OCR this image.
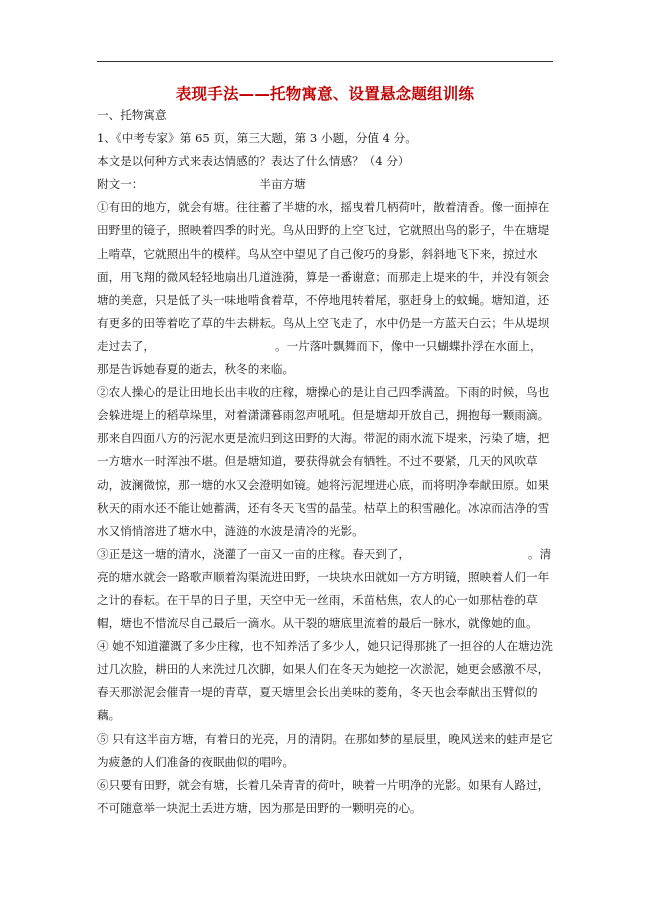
表现手法——托物寓意、设置悬念题组训练

一、托物寓意

1、《中考专家》第 65 页，第三大题，第 3 小题，分值 4 分。

本文是以何种方式来表达情感的？表达了什么情感？（4 分）

附文一：	半亩方塘

①有田的地方，就会有塘。往往蓄了半塘的水，摇曳着几柄荷叶，散着清香。像一面掉在田野里的镜子，照映着四季的时光。鸟从田野的上空飞过，它就照出鸟的影子，牛在塘堤上啃草，它就照出牛的模样。鸟从空中望见了自己俊巧的身影，斜斜地飞下来，掠过水面，用飞翔的微风轻轻地扇出几道涟漪，算是一番谢意；而那走上堤来的牛，并没有领会塘的美意，只是低了头一味地啃食着草，不停地甩转着尾，驱赶身上的蚊蝇。塘知道，还有更多的田等着吃了草的牛去耕耘。鸟从上空飞走了，水中仍是一方蓝天白云；牛从堤坝走过去了，	。一片落叶飘舞而下，像中一只蝴蝶扑浮在水面上，那是告诉她春夏的逝去，秋冬的来临。

②农人操心的是让田地长出丰收的庄稼，塘操心的是让自己四季满盈。下雨的时候，鸟也会躲进堤上的稻草垛里，对着潇潇暮雨忽声吼吼。但是塘却开放自己，拥抱每一颗雨滴。那来自四面八方的污泥水更是流归到这田野的大海。带泥的雨水流下堤来，污染了塘，把一方塘水一时浑浊不堪。但是塘知道，要获得就会有牺牲。不过不要紧，几天的风吹草动，波澜微惊，那一塘的水又会澄明如镜。她将污泥埋进心底，而将明净奉献田原。如果秋天的雨水还不能让她蓄满，还有冬天飞雪的晶莹。枯草上的积雪融化。冰凉而洁净的雪水又悄悄溶进了塘水中，涟涟的水波是清冷的光影。

③正是这一塘的清水，浇灌了一亩又一亩的庄稼。春天到了，	。清亮的塘水就会一路歌声顺着沟渠流进田野，一块块水田就如一方方明镜，照映着人们一年之计的春耘。在干旱的日子里，天空中无一丝雨，禾苗枯焦，农人的心一如那枯卷的草帽，塘也不惜流尽自己最后一滴水。从干裂的塘底里流着的最后一脉水，就像她的血。

④ 她不知道灌溉了多少庄稼，也不知养活了多少人，她只记得那挑了一担谷的人在塘边洗过几次脸，耕田的人来洗过几次脚，如果人们在冬天为她挖一次淤泥，她更会感激不尽，春天那淤泥会催青一堤的青草，夏天塘里会长出美味的菱角，冬天也会奉献出玉臂似的藕。

⑤ 只有这半亩方塘，有着日的光亮，月的清阴。在那如梦的星辰里，晚风送来的蛙声是它为疲惫的人们准备的夜眠曲似的唱吟。

⑥只要有田野，就会有塘，长着几朵青青的荷叶，映着一片明净的光影。如果有人路过，不可随意举一块泥土丢进方塘，因为那是田野的一颗明亮的心。
